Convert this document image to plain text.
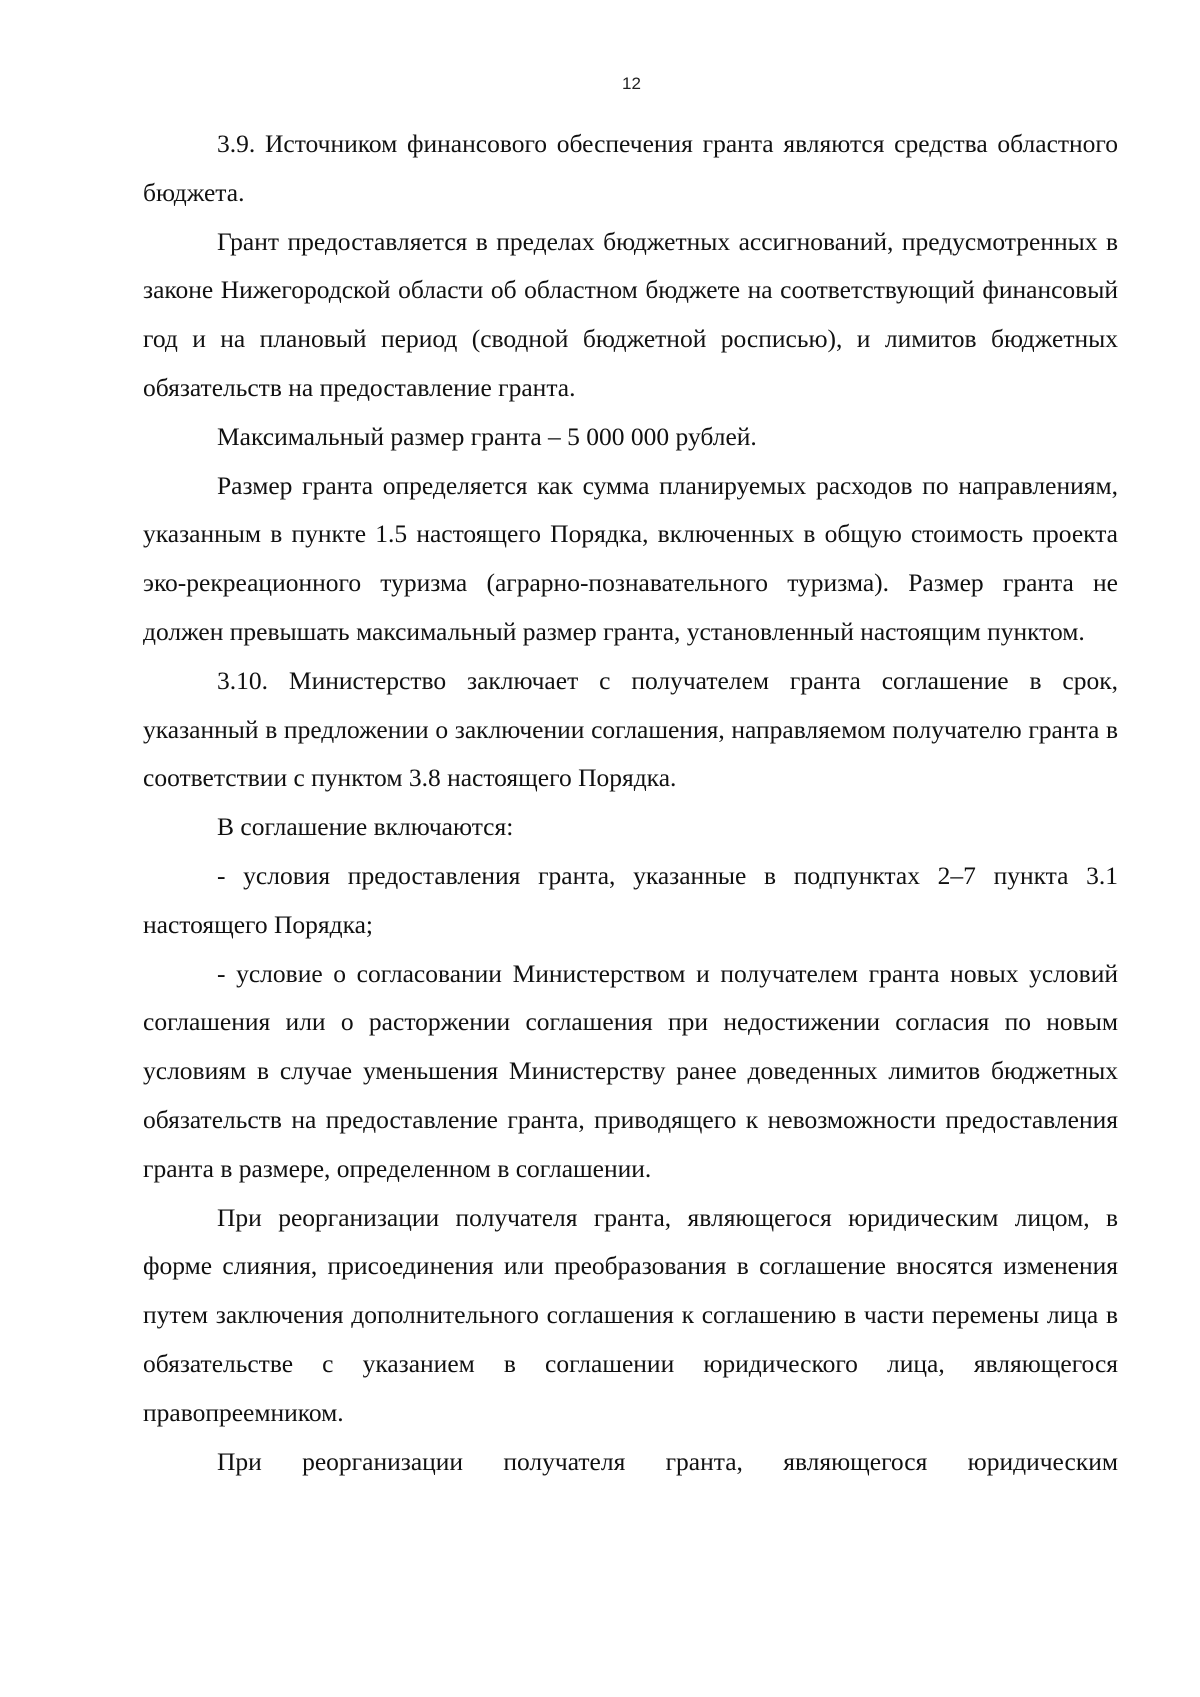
12

3.9. Источником финансового обеспечения гранта являются средства областного бюджета.

Грант предоставляется в пределах бюджетных ассигнований, предусмотренных в законе Нижегородской области об областном бюджете на соответствующий финансовый год и на плановый период (сводной бюджетной росписью), и лимитов бюджетных обязательств на предоставление гранта.

Максимальный размер гранта – 5 000 000 рублей.

Размер гранта определяется как сумма планируемых расходов по направлениям, указанным в пункте 1.5 настоящего Порядка, включенных в общую стоимость проекта эко-рекреационного туризма (аграрно-познавательного туризма). Размер гранта не должен превышать максимальный размер гранта, установленный настоящим пунктом.

3.10. Министерство заключает с получателем гранта соглашение в срок, указанный в предложении о заключении соглашения, направляемом получателю гранта в соответствии с пунктом 3.8 настоящего Порядка.

В соглашение включаются:

- условия предоставления гранта, указанные в подпунктах 2–7 пункта 3.1 настоящего Порядка;

- условие о согласовании Министерством и получателем гранта новых условий соглашения или о расторжении соглашения при недостижении согласия по новым условиям в случае уменьшения Министерству ранее доведенных лимитов бюджетных обязательств на предоставление гранта, приводящего к невозможности предоставления гранта в размере, определенном в соглашении.

При реорганизации получателя гранта, являющегося юридическим лицом, в форме слияния, присоединения или преобразования в соглашение вносятся изменения путем заключения дополнительного соглашения к соглашению в части перемены лица в обязательстве с указанием в соглашении юридического лица, являющегося правопреемником.

При реорганизации получателя гранта, являющегося юридическим
